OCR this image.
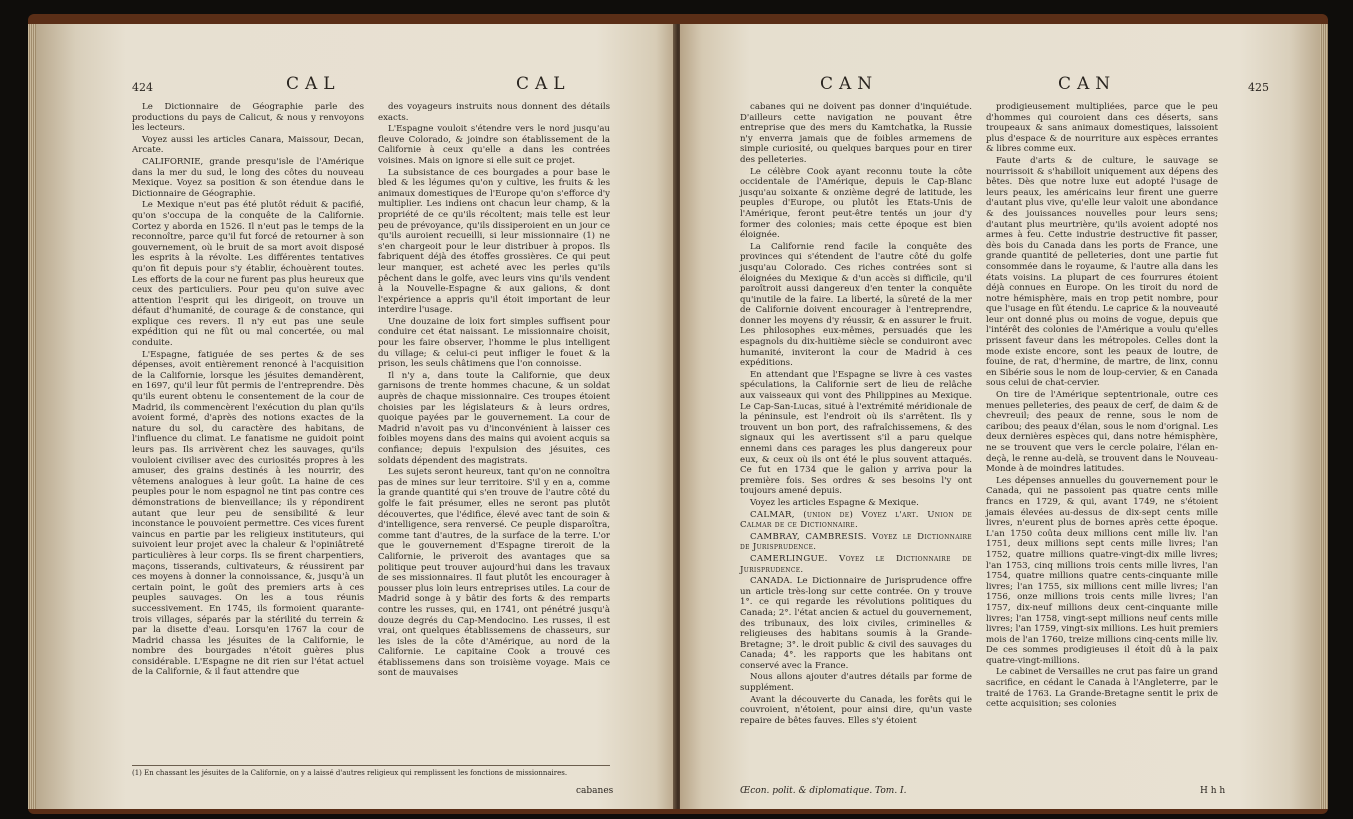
424	CAL	CAL

Le Dictionnaire de Géographie parle des productions du pays de Calicut, & nous y renvoyons les lecteurs.

Voyez aussi les articles Canara, Maissour, Decan, Arcate.

CALIFORNIE, grande presqu'isle de l'Amérique dans la mer du sud, le long des côtes du nouveau Mexique. Voyez sa position & son étendue dans le Dictionnaire de Géographie.

Le Mexique n'eut pas été plutôt réduit & pacifié, qu'on s'occupa de la conquête de la Californie. Cortez y aborda en 1526. Il n'eut pas le temps de la reconnoître, parce qu'il fut forcé de retourner à son gouvernement, où le bruit de sa mort avoit disposé les esprits à la révolte. Les différentes tentatives qu'on fit depuis pour s'y établir, échouèrent toutes. Les efforts de la cour ne furent pas plus heureux que ceux des particuliers. Pour peu qu'on suive avec attention l'esprit qui les dirigeoit, on trouve un défaut d'humanité, de courage & de constance, qui explique ces revers. Il n'y eut pas une seule expédition qui ne fût ou mal concertée, ou mal conduite.

L'Espagne, fatiguée de ses pertes & de ses dépenses, avoit entièrement renoncé à l'acquisition de la Californie, lorsque les jésuites demandèrent, en 1697, qu'il leur fût permis de l'entreprendre. Dès qu'ils eurent obtenu le consentement de la cour de Madrid, ils commencèrent l'exécution du plan qu'ils avoient formé, d'après des notions exactes de la nature du sol, du caractère des habitans, de l'influence du climat. Le fanatisme ne guidoit point leurs pas. Ils arrivèrent chez les sauvages, qu'ils vouloient civiliser avec des curiosités propres à les amuser, des grains destinés à les nourrir, des vêtemens analogues à leur goût. La haine de ces peuples pour le nom espagnol ne tint pas contre ces démonstrations de bienveillance; ils y répondirent autant que leur peu de sensibilité & leur inconstance le pouvoient permettre. Ces vices furent vaincus en partie par les religieux instituteurs, qui suivoient leur projet avec la chaleur & l'opiniâtreté particulières à leur corps. Ils se firent charpentiers, maçons, tisserands, cultivateurs, & réussirent par ces moyens à donner la connoissance, &, jusqu'à un certain point, le goût des premiers arts à ces peuples sauvages. On les a tous réunis successivement. En 1745, ils formoient quarante-trois villages, séparés par la stérilité du terrein & par la disette d'eau. Lorsqu'en 1767 la cour de Madrid chassa les jésuites de la Californie, le nombre des bourgades n'étoit guères plus considérable. L'Espagne ne dit rien sur l'état actuel de la Californie, & il faut attendre que

des voyageurs instruits nous donnent des détails exacts.

L'Espagne vouloit s'étendre vers le nord jusqu'au fleuve Colorado, & joindre son établissement de la Californie à ceux qu'elle a dans les contrées voisines. Mais on ignore si elle suit ce projet.

La subsistance de ces bourgades a pour base le bled & les légumes qu'on y cultive, les fruits & les animaux domestiques de l'Europe qu'on s'efforce d'y multiplier. Les indiens ont chacun leur champ, & la propriété de ce qu'ils récoltent; mais telle est leur peu de prévoyance, qu'ils dissiperoient en un jour ce qu'ils auroient recueilli, si leur missionnaire (1) ne s'en chargeoit pour le leur distribuer à propos. Ils fabriquent déjà des étoffes grossières. Ce qui peut leur manquer, est acheté avec les perles qu'ils pêchent dans le golfe, avec leurs vins qu'ils vendent à la Nouvelle-Espagne & aux galions, & dont l'expérience a appris qu'il étoit important de leur interdire l'usage.

Une douzaine de loix fort simples suffisent pour conduire cet état naissant. Le missionnaire choisit, pour les faire observer, l'homme le plus intelligent du village; & celui-ci peut infliger le fouet & la prison, les seuls châtimens que l'on connoisse.

Il n'y a, dans toute la Californie, que deux garnisons de trente hommes chacune, & un soldat auprès de chaque missionnaire. Ces troupes étoient choisies par les législateurs & à leurs ordres, quoique payées par le gouvernement. La cour de Madrid n'avoit pas vu d'inconvénient à laisser ces foibles moyens dans des mains qui avoient acquis sa confiance; depuis l'expulsion des jésuites, ces soldats dépendent des magistrats.

Les sujets seront heureux, tant qu'on ne connoîtra pas de mines sur leur territoire. S'il y en a, comme la grande quantité qui s'en trouve de l'autre côté du golfe le fait présumer, elles ne seront pas plutôt découvertes, que l'édifice, élevé avec tant de soin & d'intelligence, sera renversé. Ce peuple disparoîtra, comme tant d'autres, de la surface de la terre. L'or que le gouvernement d'Espagne tireroit de la Californie, le priveroit des avantages que sa politique peut trouver aujourd'hui dans les travaux de ses missionnaires. Il faut plutôt les encourager à pousser plus loin leurs entreprises utiles. La cour de Madrid songe à y bâtir des forts & des remparts contre les russes, qui, en 1741, ont pénétré jusqu'à douze degrés du Cap-Mendocino. Les russes, il est vrai, ont quelques établissemens de chasseurs, sur les isles de la côte d'Amérique, au nord de la Californie. Le capitaine Cook a trouvé ces établissemens dans son troisième voyage. Mais ce sont de mauvaises

(1) En chassant les jésuites de la Californie, on y a laissé d'autres religieux qui remplissent les fonctions de missionnaires.
cabanes
CAN	CAN	425

cabanes qui ne doivent pas donner d'inquiétude. D'ailleurs cette navigation ne pouvant être entreprise que des mers du Kamtchatka, la Russie n'y enverra jamais que de foibles armemens de simple curiosité, ou quelques barques pour en tirer des pelleteries.

Le célèbre Cook ayant reconnu toute la côte occidentale de l'Amérique, depuis le Cap-Blanc jusqu'au soixante & onzième degré de latitude, les peuples d'Europe, ou plutôt les Etats-Unis de l'Amérique, feront peut-être tentés un jour d'y former des colonies; mais cette époque est bien éloignée.

La Californie rend facile la conquête des provinces qui s'étendent de l'autre côté du golfe jusqu'au Colorado. Ces riches contrées sont si éloignées du Mexique & d'un accès si difficile, qu'il paroîtroit aussi dangereux d'en tenter la conquête qu'inutile de la faire. La liberté, la sûreté de la mer de Californie doivent encourager à l'entreprendre, donner les moyens d'y réussir, & en assurer le fruit. Les philosophes eux-mêmes, persuadés que les espagnols du dix-huitième siècle se conduiront avec humanité, inviteront la cour de Madrid à ces expéditions.

En attendant que l'Espagne se livre à ces vastes spéculations, la Californie sert de lieu de relâche aux vaisseaux qui vont des Philippines au Mexique. Le Cap-San-Lucas, situé à l'extrémité méridionale de la péninsule, est l'endroit où ils s'arrêtent. Ils y trouvent un bon port, des rafraîchissemens, & des signaux qui les avertissent s'il a paru quelque ennemi dans ces parages les plus dangereux pour eux, & ceux où ils ont été le plus souvent attaqués. Ce fut en 1734 que le galion y arriva pour la première fois. Ses ordres & ses besoins l'y ont toujours amené depuis.

Voyez les articles Espagne & Mexique.

CALMAR, (union de) Voyez l'art. Union de Calmar de ce Dictionnaire.

CAMBRAY, CAMBRESIS. Voyez le Dictionnaire de Jurisprudence.

CAMERLINGUE. Voyez le Dictionnaire de Jurisprudence.

CANADA. Le Dictionnaire de Jurisprudence offre un article très-long sur cette contrée. On y trouve 1°. ce qui regarde les révolutions politiques du Canada; 2°. l'état ancien & actuel du gouvernement, des tribunaux, des loix civiles, criminelles & religieuses des habitans soumis à la Grande-Bretagne; 3°. le droit public & civil des sauvages du Canada; 4°. les rapports que les habitans ont conservé avec la France.

Nous allons ajouter d'autres détails par forme de supplément.

Avant la découverte du Canada, les forêts qui le couvroient, n'étoient, pour ainsi dire, qu'un vaste repaire de bêtes fauves. Elles s'y étoient

prodigieusement multipliées, parce que le peu d'hommes qui couroient dans ces déserts, sans troupeaux & sans animaux domestiques, laissoient plus d'espace & de nourriture aux espèces errantes & libres comme eux.

Faute d'arts & de culture, le sauvage se nourrissoit & s'habilloit uniquement aux dépens des bêtes. Dès que notre luxe eut adopté l'usage de leurs peaux, les américains leur firent une guerre d'autant plus vive, qu'elle leur valoit une abondance & des jouissances nouvelles pour leurs sens; d'autant plus meurtrière, qu'ils avoient adopté nos armes à feu. Cette industrie destructive fit passer, dès bois du Canada dans les ports de France, une grande quantité de pelleteries, dont une partie fut consommée dans le royaume, & l'autre alla dans les états voisins. La plupart de ces fourrures étoient déjà connues en Europe. On les tiroit du nord de notre hémisphère, mais en trop petit nombre, pour que l'usage en fût étendu. Le caprice & la nouveauté leur ont donné plus ou moins de vogue, depuis que l'intérêt des colonies de l'Amérique a voulu qu'elles prissent faveur dans les métropoles. Celles dont la mode existe encore, sont les peaux de loutre, de fouine, de rat, d'hermine, de martre, de linx, connu en Sibérie sous le nom de loup-cervier, & en Canada sous celui de chat-cervier.

On tire de l'Amérique septentrionale, outre ces menues pelleteries, des peaux de cerf, de daim & de chevreuil; des peaux de renne, sous le nom de caribou; des peaux d'élan, sous le nom d'orignal. Les deux dernières espèces qui, dans notre hémisphère, ne se trouvent que vers le cercle polaire, l'élan en-deçà, le renne au-delà, se trouvent dans le Nouveau-Monde à de moindres latitudes.

Les dépenses annuelles du gouvernement pour le Canada, qui ne passoient pas quatre cents mille francs en 1729, & qui, avant 1749, ne s'étoient jamais élevées au-dessus de dix-sept cents mille livres, n'eurent plus de bornes après cette époque. L'an 1750 coûta deux millions cent mille liv. l'an 1751, deux millions sept cents mille livres; l'an 1752, quatre millions quatre-vingt-dix mille livres; l'an 1753, cinq millions trois cents mille livres, l'an 1754, quatre millions quatre cents-cinquante mille livres; l'an 1755, six millions cent mille livres; l'an 1756, onze millions trois cents mille livres; l'an 1757, dix-neuf millions deux cent-cinquante mille livres; l'an 1758, vingt-sept millions neuf cents mille livres; l'an 1759, vingt-six millions. Les huit premiers mois de l'an 1760, treize millions cinq-cents mille liv. De ces sommes prodigieuses il étoit dû à la paix quatre-vingt-millions.

Le cabinet de Versailles ne crut pas faire un grand sacrifice, en cédant le Canada à l'Angleterre, par le traité de 1763. La Grande-Bretagne sentit le prix de cette acquisition; ses colonies

Œcon. polit. & diplomatique. Tom. I.	H h h
